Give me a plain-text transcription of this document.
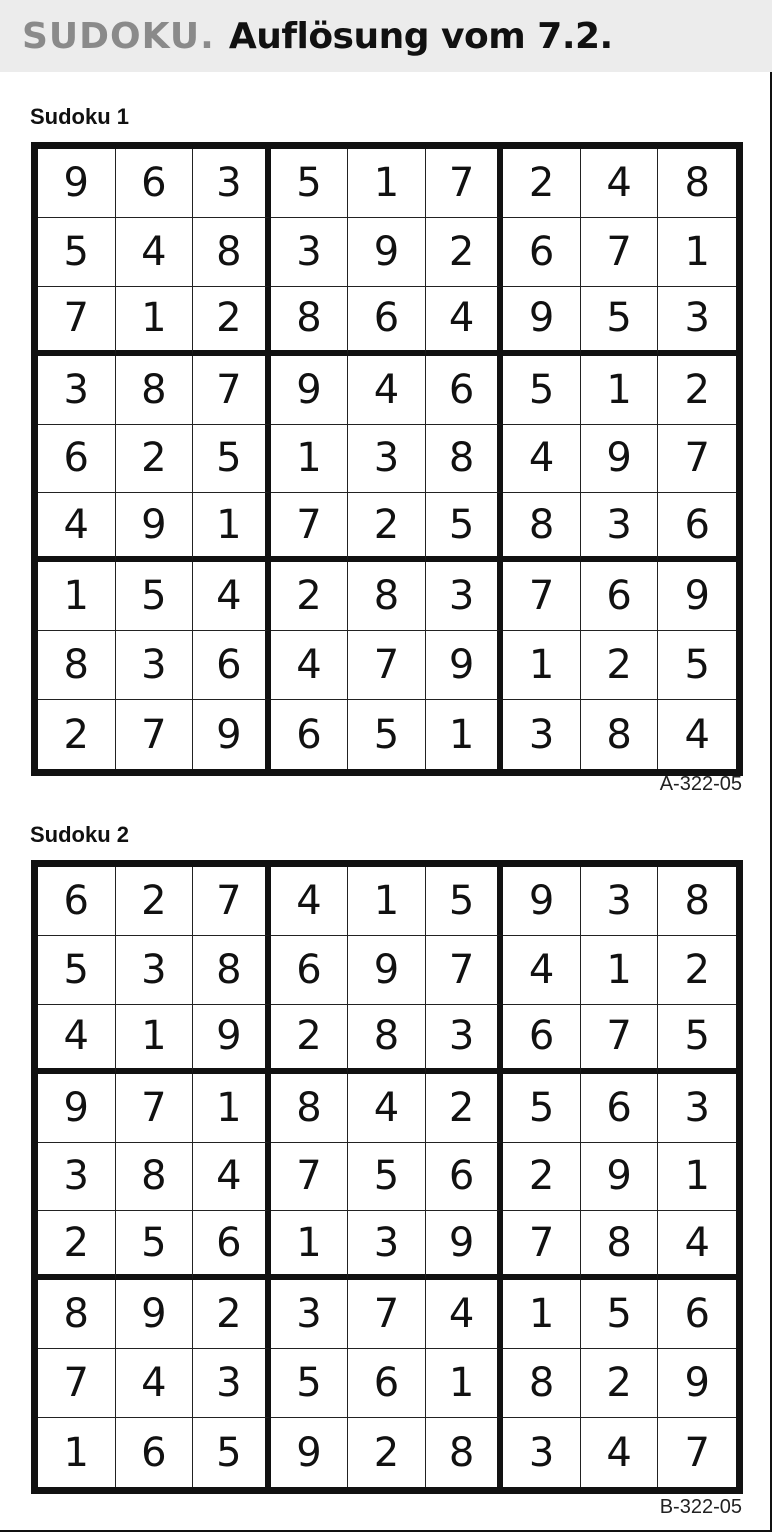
SUDOKU. Auflösung vom 7.2.
Sudoku 1
9	6	3	5	1	7	2	4	8
5	4	8	3	9	2	6	7	1
7	1	2	8	6	4	9	5	3
3	8	7	9	4	6	5	1	2
6	2	5	1	3	8	4	9	7
4	9	1	7	2	5	8	3	6
1	5	4	2	8	3	7	6	9
8	3	6	4	7	9	1	2	5
2	7	9	6	5	1	3	8	4
A-322-05
Sudoku 2
6	2	7	4	1	5	9	3	8
5	3	8	6	9	7	4	1	2
4	1	9	2	8	3	6	7	5
9	7	1	8	4	2	5	6	3
3	8	4	7	5	6	2	9	1
2	5	6	1	3	9	7	8	4
8	9	2	3	7	4	1	5	6
7	4	3	5	6	1	8	2	9
1	6	5	9	2	8	3	4	7
B-322-05
